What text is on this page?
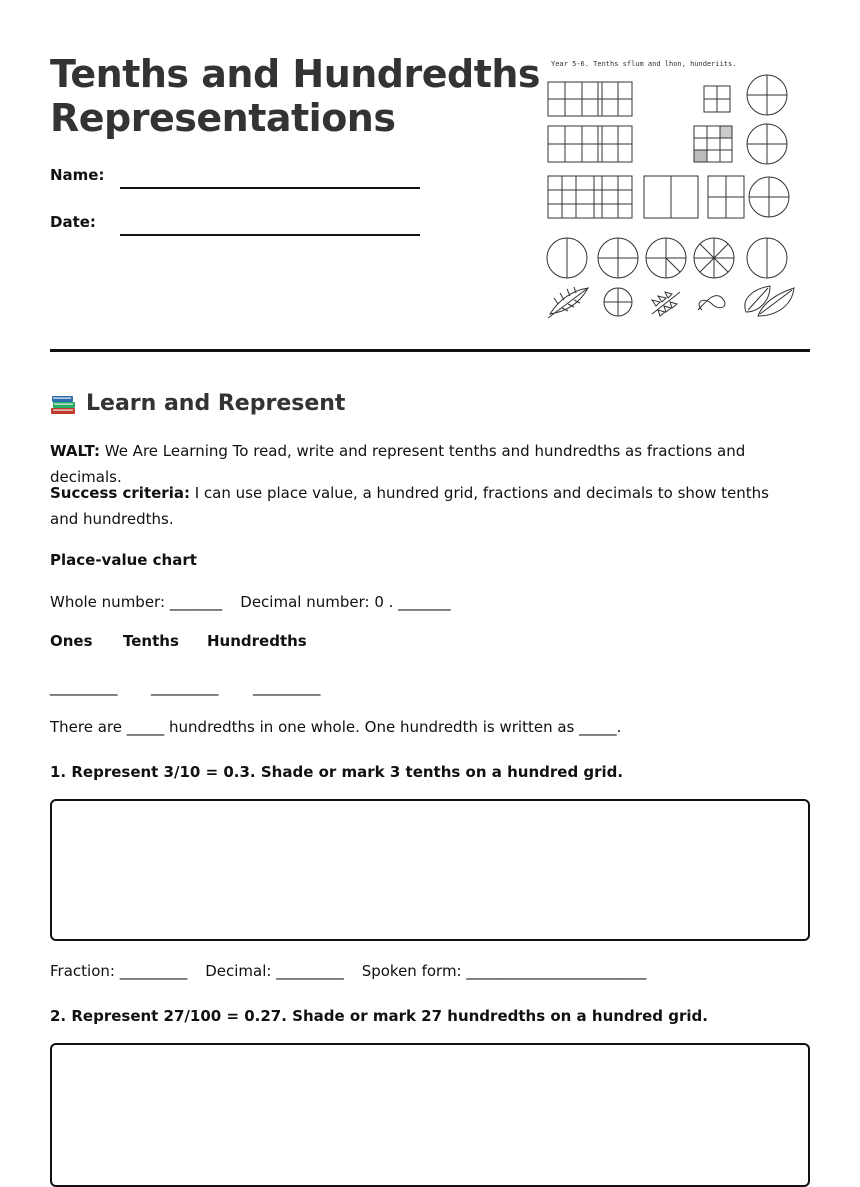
Tenths and Hundredths
Representations
Name:
Date:
Year 5-6. Tenths sflum and lhon, hunderiits.
Learn and Represent
WALT: We Are Learning To read, write and represent tenths and hundredths as fractions and decimals.
Success criteria: I can use place value, a hundred grid, fractions and decimals to show tenths and hundredths.
Place-value chart
Whole number: _______ Decimal number: 0 . _______
Ones Tenths Hundredths
_________ _________ _________
There are _____ hundredths in one whole. One hundredth is written as _____.
1. Represent 3/10 = 0.3. Shade or mark 3 tenths on a hundred grid.
Fraction: _________ Decimal: _________ Spoken form: ________________________
2. Represent 27/100 = 0.27. Shade or mark 27 hundredths on a hundred grid.
